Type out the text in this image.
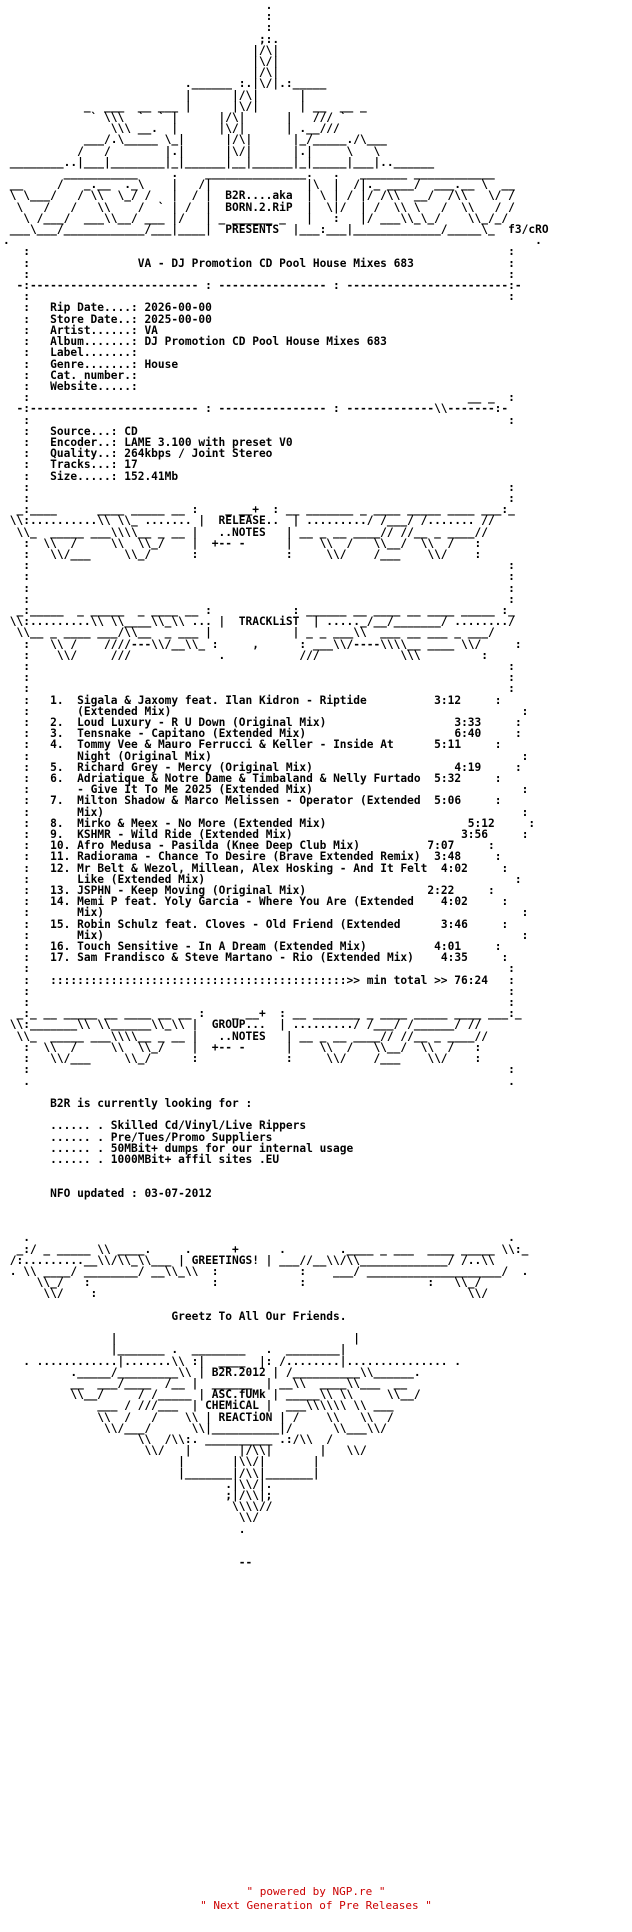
.
:
:
;:.
|/\|
|\/|
|/\|
.______ :.|\/|.:_____
|      |/\|      |
_  ___  __ ___ |      |\/|      | __  __ _
` \\\  `  ` |      |/\|      |   /// `
\\\ __.  |      |\/|      | .__///
___/.\_____ \_|      |/\|      |_/_____./\___
/   /        |.|      |\/|      |.|     \   \
________..|___|________|_|______|__|______|_|_____|___|..______

___________     .    _______________.   .   _______ ____________
__     /   _.__  ._\    |   /|              |\  |  /|._ ____/  ___.__ \  __
\ \___/   / \\  \_/ /   |  / |  B2R....aka  | \ | / |/ /\\  __/  /\\   \/ /
\   /   /   \\    /  ` | /  |  BORN.2.RiP  |  \|/  | /  \\ \   /  \\   / /
\ /___/  ___\\__/ ___ |/   | _ ______ _   |   :   |/ ___\\_\_/    \\_/_/
___\___/____________/___|____|  PRESENTS  |___:___|_____________/_____\_  f3/cRO
.                                                                              .
:                                                                       :
:                VA - DJ Promotion CD Pool House Mixes 683              :
:                                                                       :
-:------------------------- : ---------------- : ------------------------:-
:                                                                       :
:   Rip Date....: 2026-00-00
:   Store Date..: 2025-00-00
:   Artist......: VA
:   Album.......: DJ Promotion CD Pool House Mixes 683
:   Label.......:
:   Genre.......: House
:   Cat. number.:
:   Website.....:
:                                                                 __ _  :
-:------------------------- : ---------------- : -------------\\-------:-
:                                                                       :
:   Source...: CD
:   Encoder..: LAME 3.100 with preset V0
:   Quality..: 264kbps / Joint Stereo
:   Tracks...: 17
:   Size.....: 152.41Mb
:                                                                       :
:                                                                       :
_:____      ____ _____ __ :    _ __+  : __ _______ _ ____ _____ ____ ___:_
\\:..........\\ \\_ ....... |  RELEASE..  | ........./ /___/ /....... //
\\_  _____ ___\\\\__ _ __ |   ..NOTES   | __ _ __ ____// //__ _ ____//
:  \\  /     \\  \\_/    |  +-- -      |    \\  /   \\__/  \\  /   :
:   \\/___     \\_/      :             :     \\/    /___    \\/    :
:                                                                       :
:                                                                       :
:                                                                       :
:                                                                       :
_:_____  _ _____  _ ____ __ :            : ______ __ ____ __ ____ _____ :_
\\:.........\\ \\____\\_\\ ... |  TRACKLiST  | ....._/__/_______/ ......../
\\__ _ ____ ___/\\__  _ ___ |            | _ _ ___\\  ___ __ ___ _ ___/
:   \\ /    ////---\\/__\\_ :     ,      : ___\\/----\\\\__ ____ \\/     :
:    \\/     ///             .           ///            \\\         :
:                                                                       :
:                                                                       :
:                                                                       :
:   1. Sigala & Jaxomy feat. Ilan Kidron - Riptide	3:12	:
:	(Extended Mix)                                                    :
:   2. Loud Luxury - R U Down (Original Mix)	3:33     :
:   3. Tensnake - Capitano (Extended Mix)	6:40     :
:   4. Tommy Vee & Mauro Ferrucci & Keller - Inside At	5:11	:
:	Night (Original Mix)                                              :
:   5. Richard Grey - Mercy (Original Mix)	4:19     :
:   6. Adriatique & Notre Dame & Timbaland & Nelly Furtado 5:32	:
:	- Give It To Me 2025 (Extended Mix)                               :
:   7. Milton Shadow & Marco Melissen - Operator (Extended 5:06	:
:	Mix)                                                              :
:   8. Mirko & Meex - No More (Extended Mix)	5:12     :
:   9. KSHMR - Wild Ride (Extended Mix)	3:56     :
:   10. Afro Medusa - Pasilda (Knee Deep Club Mix)	7:07     :
:   11. Radiorama - Chance To Desire (Brave Extended Remix) 3:48     :
:   12. Mr Belt & Wezol, Millean, Alex Hosking - And It Felt 4:02	:
:	Like (Extended Mix)                                              :
:   13. JSPHN - Keep Moving (Original Mix)	2:22     :
:   14. Memi P feat. Yoly Garcia - Where You Are (Extended 4:02	:
:	Mix)                                                              :
:   15. Robin Schulz feat. Cloves - Old Friend (Extended	3:46	:
:	Mix)                                                              :
:   16. Touch Sensitive - In A Dream (Extended Mix)	4:01     :
:   17. Sam Frandisco & Steve Martano - Rio (Extended Mix) 4:35     :
:                                                                       :
:   ::::::::::::::::::::::::::::::::::::::::::::>> min total >> 76:24   :
:                                                                       :
:                                                                       :
_:_ __ _____ __ ____ __ __ :    _ __+  : __ _______ _ ____ _____ ____ ___:_
\\:_______\\ \\______\\_\\ |  GROUP...  | ........./ /___/ /______/ //
\\_  _____ ___\\\\__ _ __ |   ..NOTES   | __ _ __ ____// //__ _ ____//
:  \\  /     \\  \\_/    |  +-- -      |    \\  /   \\__/  \\  /   :
:   \\/___     \\_/      :             :     \\/    /___    \\/    :
:                                                                       :
.                                                                       .

B2R is currently looking for :

...... . Skilled Cd/Vinyl/Live Rippers
...... . Pre/Tues/Promo Suppliers
...... . 50MBit+ dumps for our internal usage
...... . 1000MBit+ affil sites .EU

NFO updated : 03-07-2012

.                                                                       .
_:/ _ _____ \\ ____.     .      +      .        .____ _ ___  ____ _____ \\:_
/:.........__\\/\\_\\___ | GREETINGS! | ___//__\\/\\_____________/ /..\\
. \\ ____/ ________/ __\\_\\  :            :    ___/ ____________________/  .
\\_/   :                  :            :                  :   \\_/
\\/    :                                                       \\/

Greetz To All Our Friends.

|                                   |
|_______ .  ________   .  ________|
. ............|.......\\ :|  ____  |: /........|............... .
._____/_________\\ | B2R.2012 | /__________\\______.
__  ___/____  /__ |  ______  | __\\  ____\\___  __
\\__/     / /_____ | ASC.fUMk | _____\\ \\     \\__/
___ / ///___  | CHEMiCAL |  ___\\\\\\ \\ ___
\\  /   /    \\ | REACTiON | /    \\   \\  /
\\/___/      \\|__________|/      \\___\\/
\\  /\\:. __________ .:/\\  /
\\/   |       |/\\|       |   \\/
|       |\\/|       |
|_______|/\\|_______|
.|\\/|.
;|/\\|;
\\\\//
\\/
.

--
" powered by NGP.re "
" Next Generation of Pre Releases "
